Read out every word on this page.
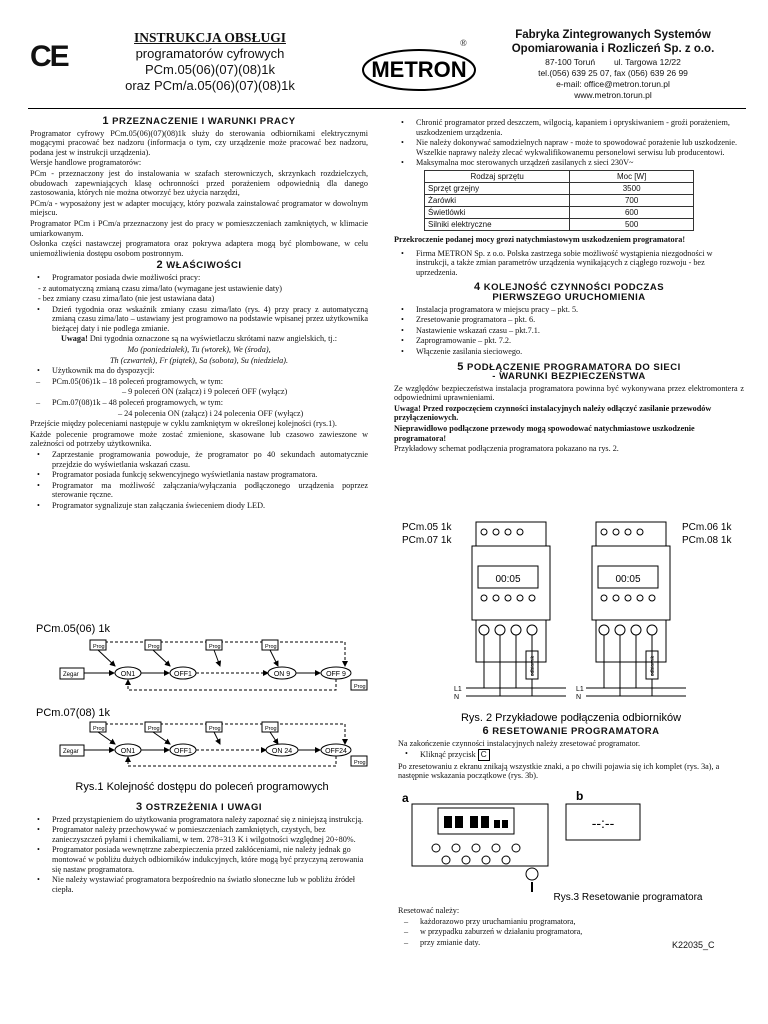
CE
INSTRUKCJA OBSŁUGI
programatorów cyfrowych
PCm.05(06)(07)(08)1k
oraz PCm/a.05(06)(07)(08)1k
METRON
®
Fabryka Zintegrowanych Systemów
Opomiarowania i Rozliczeń Sp. z o.o.
87-100 Toruń        ul. Targowa 12/22
tel.(056) 639 25 07, fax (056) 639 26 99
e-mail: office@metron.torun.pl
www.metron.torun.pl
1 PRZEZNACZENIE I WARUNKI PRACY

Programator cyfrowy PCm.05(06)(07)(08)1k służy do sterowania odbiornikami elektrycznymi mogącymi pracować bez nadzoru (informacja o tym, czy urządzenie może pracować bez nadzoru, podana jest w instrukcji urządzenia).

Wersje handlowe programatorów:

PCm - przeznaczony jest do instalowania w szafach sterowniczych, skrzynkach rozdzielczych, obudowach zapewniających klasę ochronności przed porażeniem odpowiednią dla danego zastosowania, których nie można otworzyć bez użycia narzędzi,

PCm/a - wyposażony jest w adapter mocujący, który pozwala zainstalować programator w dowolnym miejscu.

Programator PCm i PCm/a przeznaczony jest do pracy w pomieszczeniach zamkniętych, w klimacie umiarkowanym.

Osłonka części nastawczej programatora oraz pokrywa adaptera mogą być plombowane, w celu uniemożliwienia dostępu osobom postronnym.

2 WŁAŚCIWOŚCI

• Programator posiada dwie możliwości pracy:

- z automatyczną zmianą czasu zima/lato (wymagane jest ustawienie daty)

- bez zmiany czasu zima/lato (nie jest ustawiana data)

• Dzień tygodnia oraz wskaźnik zmiany czasu zima/lato (rys. 4) przy pracy z automatyczną zmianą czasu zima/lato – ustawiany jest programowo na podstawie wpisanej przez użytkownika bieżącej daty i nie podlega zmianie.

Uwaga! Dni tygodnia oznaczone są na wyświetlaczu skrótami nazw angielskich, tj.:

Mo (poniedziałek), Tu (wtorek), We (środa),

Th (czwartek), Fr (piątek), Sa (sobota), Su (niedziela).

• Użytkownik ma do dyspozycji:

– PCm.05(06)1k – 18 poleceń programowych, w tym:

– 9 poleceń ON (załącz) i 9 poleceń OFF (wyłącz)

– PCm.07(08)1k – 48 poleceń programowych, w tym:

– 24 polecenia ON (załącz) i 24 polecenia OFF (wyłącz)

Przejście między poleceniami następuje w cyklu zamkniętym w określonej kolejności (rys.1).

Każde polecenie programowe może zostać zmienione, skasowane lub czasowo zawieszone w zależności od potrzeby użytkownika.

• Zaprzestanie programowania powoduje, że programator po 40 sekundach automatycznie przejdzie do wyświetlania wskazań czasu.

• Programator posiada funkcję sekwencyjnego wyświetlania nastaw programatora.

• Programator ma możliwość załączania/wyłączania podłączonego urządzenia poprzez sterowanie ręczne.

• Programator sygnalizuje stan załączania świeceniem diody LED.

PCm.05(06) 1k
Prog	Prog	Prog	Prog
Zegar	ON1	OFF1	ON 9	OFF 9
Prog
PCm.07(08) 1k
Prog	Prog	Prog	Prog
Zegar	ON1	OFF1	ON 24	OFF24
Prog
Rys.1 Kolejność dostępu do poleceń programowych
3 OSTRZEŻENIA I UWAGI

• Przed przystąpieniem do użytkowania programatora należy zapoznać się z niniejszą instrukcją.

• Programator należy przechowywać w pomieszczeniach zamkniętych, czystych, bez zanieczyszczeń pyłami i chemikaliami, w tem. 278÷313 K i wilgotności względnej 20÷80%.

• Programator posiada wewnętrzne zabezpieczenia przed zakłóceniami, nie należy jednak go montować w pobliżu dużych odbiorników indukcyjnych, które mogą być przyczyną zerowania się nastaw programatora.

• Nie należy wystawiać programatora bezpośrednio na światło słoneczne lub w pobliżu źródeł ciepła.

• Chronić programator przed deszczem, wilgocią, kapaniem i opryskiwaniem - groźi porażeniem, uszkodzeniem urządzenia.

• Nie należy dokonywać samodzielnych napraw - może to spowodować porażenie lub uszkodzenie. Wszelkie naprawy należy zlecać wykwalifikowanemu personelowi serwisu lub producentowi.

• Maksymalna moc sterowanych urządzeń zasilanych z sieci 230V~

Rodzaj sprzętu	Moc [W]
Sprzęt grzejny	3500
Żarówki	700
Świetlówki	600
Silniki elektryczne	500

Przekroczenie podanej mocy grozi natychmiastowym uszkodzeniem programatora!

• Firma METRON Sp. z o.o. Polska zastrzega sobie możliwość wystąpienia niezgodności w instrukcji, a także zmian parametrów urządzenia wynikających z ciągłego rozwoju - bez uprzedzenia.

4 KOLEJNOŚĆ CZYNNOŚCI PODCZAS
PIERWSZEGO URUCHOMIENIA

• Instalacja programatora w miejscu pracy – pkt. 5.

• Zresetowanie programatora – pkt. 6.

• Nastawienie wskazań czasu – pkt.7.1.

• Zaprogramowanie – pkt. 7.2.

• Włączenie zasilania sieciowego.

5 PODŁĄCZENIE PROGRAMATORA DO SIECI
- WARUNKI BEZPIECZEŃSTWA

Ze względów bezpieczeństwa instalacja programatora powinna być wykonywana przez elektromontera z odpowiednimi uprawnieniami.

Uwaga! Przed rozpoczęciem czynności instalacyjnych należy odłączyć zasilanie przewodów przyłączeniowych.

Nieprawidłowo podłączone przewody mogą spowodować natychmiastowe uszkodzenie programatora!

Przykładowy schemat podłączenia programatora pokazano na rys. 2.

PCm.05 1k
PCm.07 1k
PCm.06 1k
PCm.08 1k
00:05	00:05
odbiornik	odbiornik
L1
N
L1
N
Rys. 2 Przykładowe podłączenia odbiorników
6 RESETOWANIE PROGRAMATORA

Na zakończenie czynności instalacyjnych należy zresetować programator.

• Kliknąć przycisk C

Po zresetowaniu z ekranu znikają wszystkie znaki, a po chwili pojawia się ich komplet (rys. 3a), a następnie wskazania początkowe (rys. 3b).

a	b
--:--
Rys.3 Resetowanie programatora

Resetować należy:

– każdorazowo przy uruchamianiu programatora,

– w przypadku zaburzeń w działaniu programatora,

– przy zmianie daty.	K22035_C
